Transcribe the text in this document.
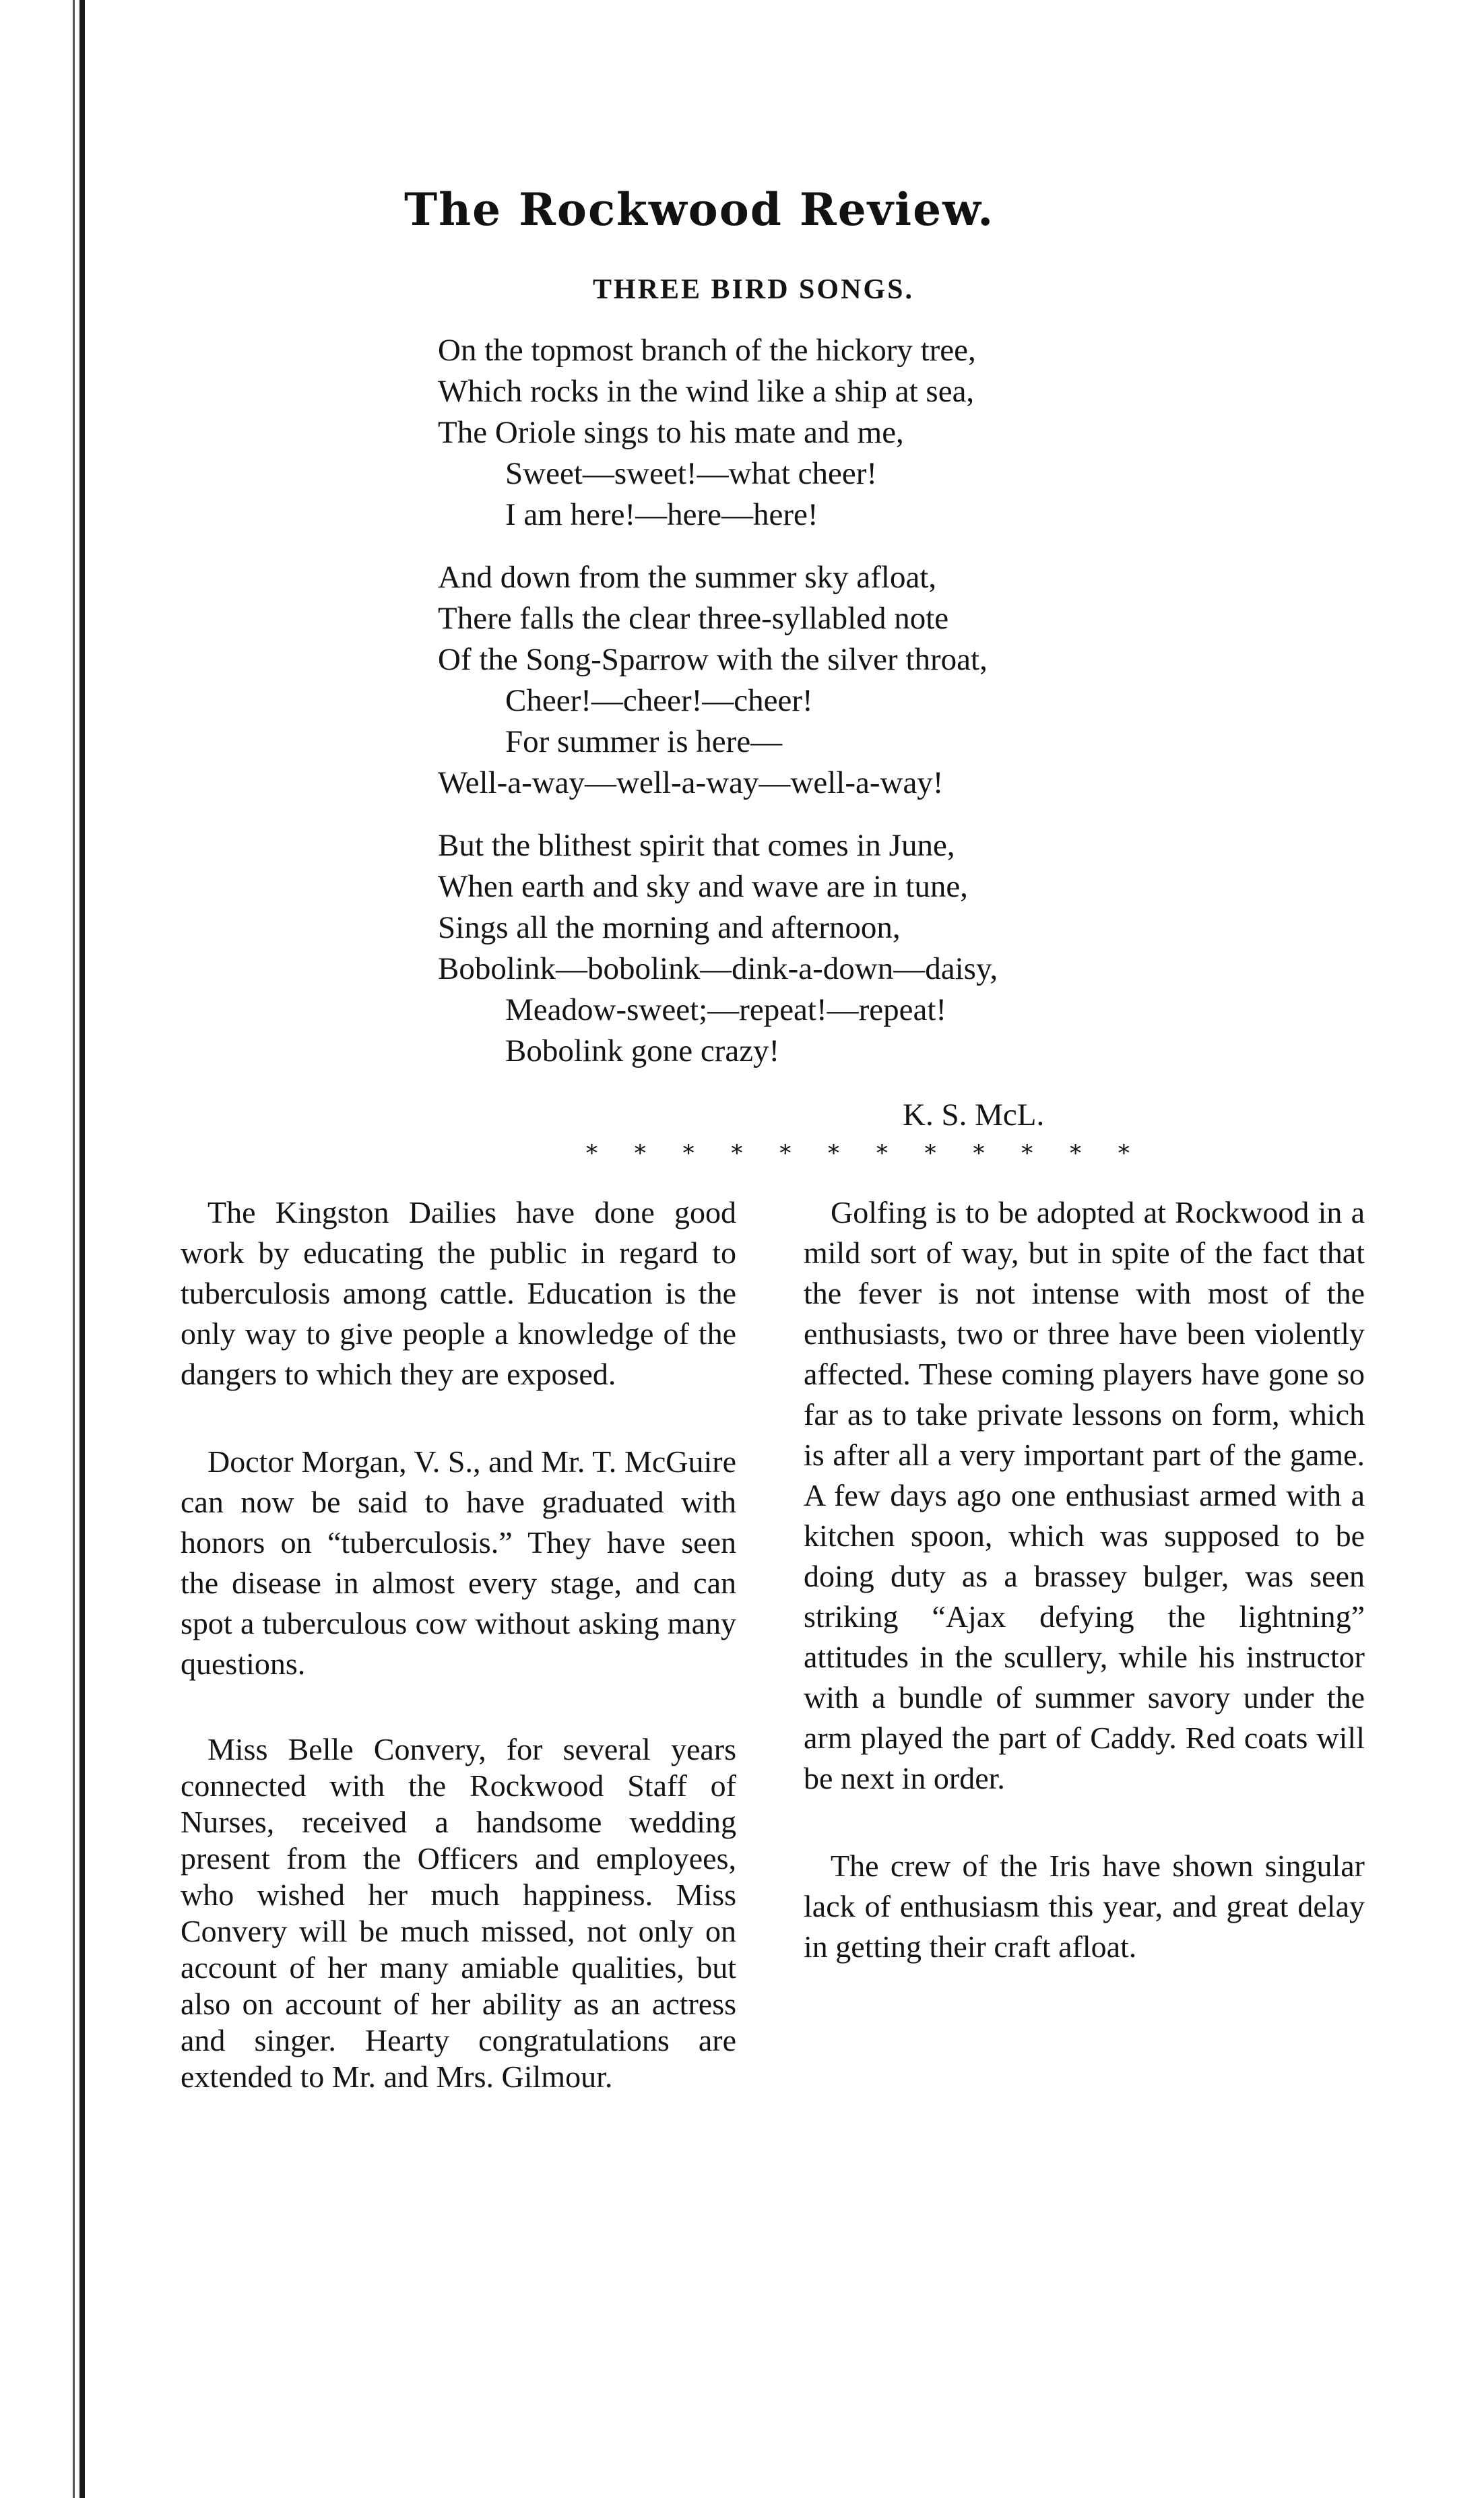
The Rockwood Review.
THREE BIRD SONGS.
On the topmost branch of the hickory tree,
Which rocks in the wind like a ship at sea,
The Oriole sings to his mate and me,
Sweet—sweet!—what cheer!
I am here!—here—here!
And down from the summer sky afloat,
There falls the clear three-syllabled note
Of the Song-Sparrow with the silver throat,
Cheer!—cheer!—cheer!
For summer is here—
Well-a-way—well-a-way—well-a-way!
But the blithest spirit that comes in June,
When earth and sky and wave are in tune,
Sings all the morning and afternoon,
Bobolink—bobolink—dink-a-down—daisy,
Meadow-sweet;—repeat!—repeat!
Bobolink gone crazy!
K. S. McL.
* * * * * * * * * * * *

The Kingston Dailies have done good work by educating the public in regard to tuberculosis among cattle. Education is the only way to give people a knowledge of the dangers to which they are exposed.

Doctor Morgan, V. S., and Mr. T. McGuire can now be said to have graduated with honors on “tuberculosis.” They have seen the disease in almost every stage, and can spot a tuberculous cow without asking many questions.

Miss Belle Convery, for several years connected with the Rockwood Staff of Nurses, received a handsome wedding present from the Officers and employees, who wished her much happiness. Miss Convery will be much missed, not only on account of her many amiable qualities, but also on account of her ability as an actress and singer. Hearty congratulations are extended to Mr. and Mrs. Gilmour.

Golfing is to be adopted at Rockwood in a mild sort of way, but in spite of the fact that the fever is not intense with most of the enthusiasts, two or three have been violently affected. These coming players have gone so far as to take private lessons on form, which is after all a very important part of the game. A few days ago one enthusiast armed with a kitchen spoon, which was supposed to be doing duty as a brassey bulger, was seen striking “Ajax defying the lightning” attitudes in the scullery, while his instructor with a bundle of summer savory under the arm played the part of Caddy. Red coats will be next in order.

The crew of the Iris have shown singular lack of enthusiasm this year, and great delay in getting their craft afloat.
